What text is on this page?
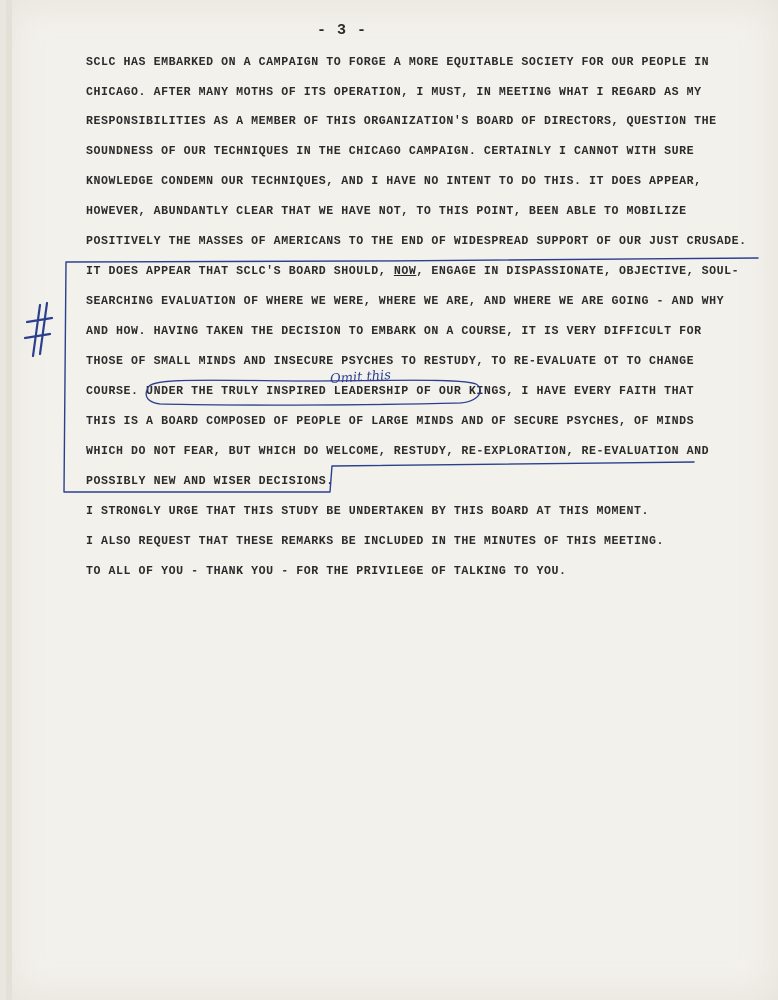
- 3 -
SCLC HAS EMBARKED ON A CAMPAIGN TO FORGE A MORE EQUITABLE SOCIETY FOR OUR PEOPLE IN
CHICAGO. AFTER MANY MOTHS OF ITS OPERATION, I MUST, IN MEETING WHAT I REGARD AS MY
RESPONSIBILITIES AS A MEMBER OF THIS ORGANIZATION'S BOARD OF DIRECTORS, QUESTION THE
SOUNDNESS OF OUR TECHNIQUES IN THE CHICAGO CAMPAIGN. CERTAINLY I CANNOT WITH SURE
KNOWLEDGE CONDEMN OUR TECHNIQUES, AND I HAVE NO INTENT TO DO THIS. IT DOES APPEAR,
HOWEVER, ABUNDANTLY CLEAR THAT WE HAVE NOT, TO THIS POINT, BEEN ABLE TO MOBILIZE
POSITIVELY THE MASSES OF AMERICANS TO THE END OF WIDESPREAD SUPPORT OF OUR JUST CRUSADE.
IT DOES APPEAR THAT SCLC'S BOARD SHOULD, NOW, ENGAGE IN DISPASSIONATE, OBJECTIVE, SOUL-
SEARCHING EVALUATION OF WHERE WE WERE, WHERE WE ARE, AND WHERE WE ARE GOING - AND WHY
AND HOW. HAVING TAKEN THE DECISION TO EMBARK ON A COURSE, IT IS VERY DIFFICULT FOR
THOSE OF SMALL MINDS AND INSECURE PSYCHES TO RESTUDY, TO RE-EVALUATE OT TO CHANGE
COURSE. UNDER THE TRULY INSPIRED LEADERSHIP OF OUR KINGS, I HAVE EVERY FAITH THAT
THIS IS A BOARD COMPOSED OF PEOPLE OF LARGE MINDS AND OF SECURE PSYCHES, OF MINDS
WHICH DO NOT FEAR, BUT WHICH DO WELCOME, RESTUDY, RE-EXPLORATION, RE-EVALUATION AND
POSSIBLY NEW AND WISER DECISIONS.
I STRONGLY URGE THAT THIS STUDY BE UNDERTAKEN BY THIS BOARD AT THIS MOMENT.
I ALSO REQUEST THAT THESE REMARKS BE INCLUDED IN THE MINUTES OF THIS MEETING.
TO ALL OF YOU - THANK YOU - FOR THE PRIVILEGE OF TALKING TO YOU.
Omit this
